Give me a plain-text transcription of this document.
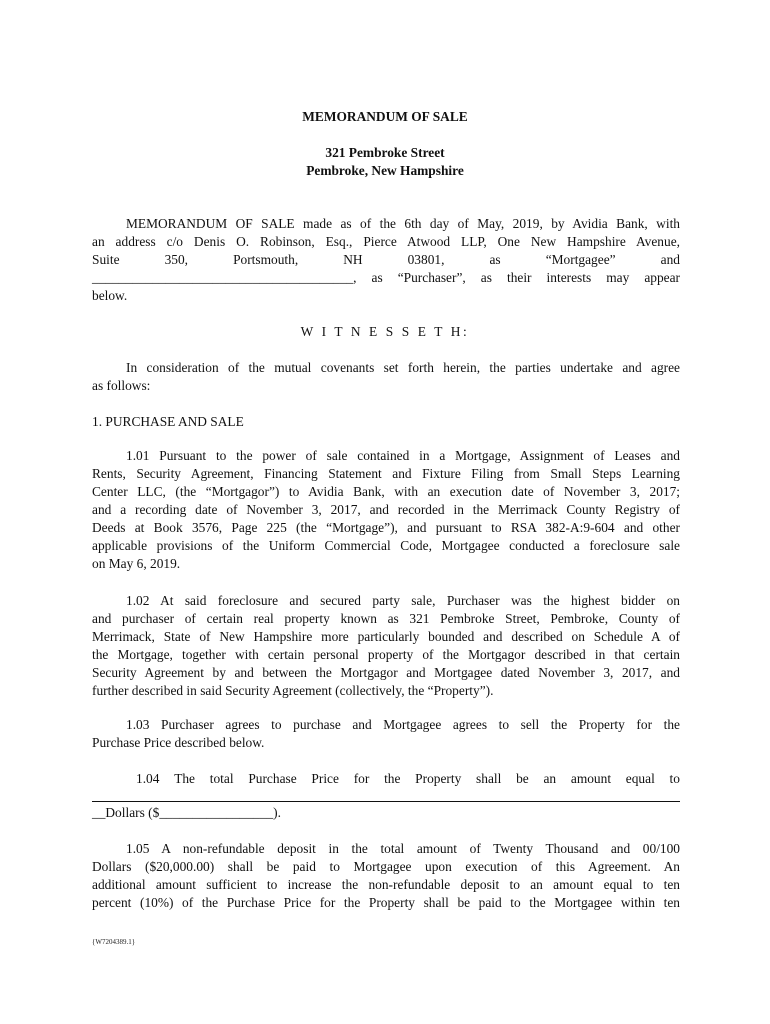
MEMORANDUM OF SALE
321 Pembroke Street
Pembroke, New Hampshire
MEMORANDUM OF SALE made as of the 6th day of May, 2019, by Avidia Bank, with
an address c/o Denis O. Robinson, Esq., Pierce Atwood LLP, One New Hampshire Avenue,
Suite	350,	Portsmouth,	NH	03801,	as	“Mortgagee”	and
_______________________________________, as “Purchaser”, as their interests may appear
below.
W I T N E S S E T H:
In consideration of the mutual covenants set forth herein, the parties undertake and agree
as follows:
1. PURCHASE AND SALE
1.01 Pursuant to the power of sale contained in a Mortgage, Assignment of Leases and
Rents, Security Agreement, Financing Statement and Fixture Filing from Small Steps Learning
Center LLC, (the “Mortgagor”) to Avidia Bank, with an execution date of November 3, 2017;
and a recording date of November 3, 2017, and recorded in the Merrimack County Registry of
Deeds at Book 3576, Page 225 (the “Mortgage”), and pursuant to RSA 382-A:9-604 and other
applicable provisions of the Uniform Commercial Code, Mortgagee conducted a foreclosure sale
on May 6, 2019.
1.02 At said foreclosure and secured party sale, Purchaser was the highest bidder on
and purchaser of certain real property known as 321 Pembroke Street, Pembroke, County of
Merrimack, State of New Hampshire more particularly bounded and described on Schedule A of
the Mortgage, together with certain personal property of the Mortgagor described in that certain
Security Agreement by and between the Mortgagor and Mortgagee dated November 3, 2017, and
further described in said Security Agreement (collectively, the “Property”).
1.03 Purchaser agrees to purchase and Mortgagee agrees to sell the Property for the
Purchase Price described below.
1.04 The total Purchase Price for the Property shall be an amount equal to
__Dollars ($_________________).
1.05 A non-refundable deposit in the total amount of Twenty Thousand and 00/100
Dollars ($20,000.00) shall be paid to Mortgagee upon execution of this Agreement. An
additional amount sufficient to increase the non-refundable deposit to an amount equal to ten
percent (10%) of the Purchase Price for the Property shall be paid to the Mortgagee within ten
{W7204389.1}
